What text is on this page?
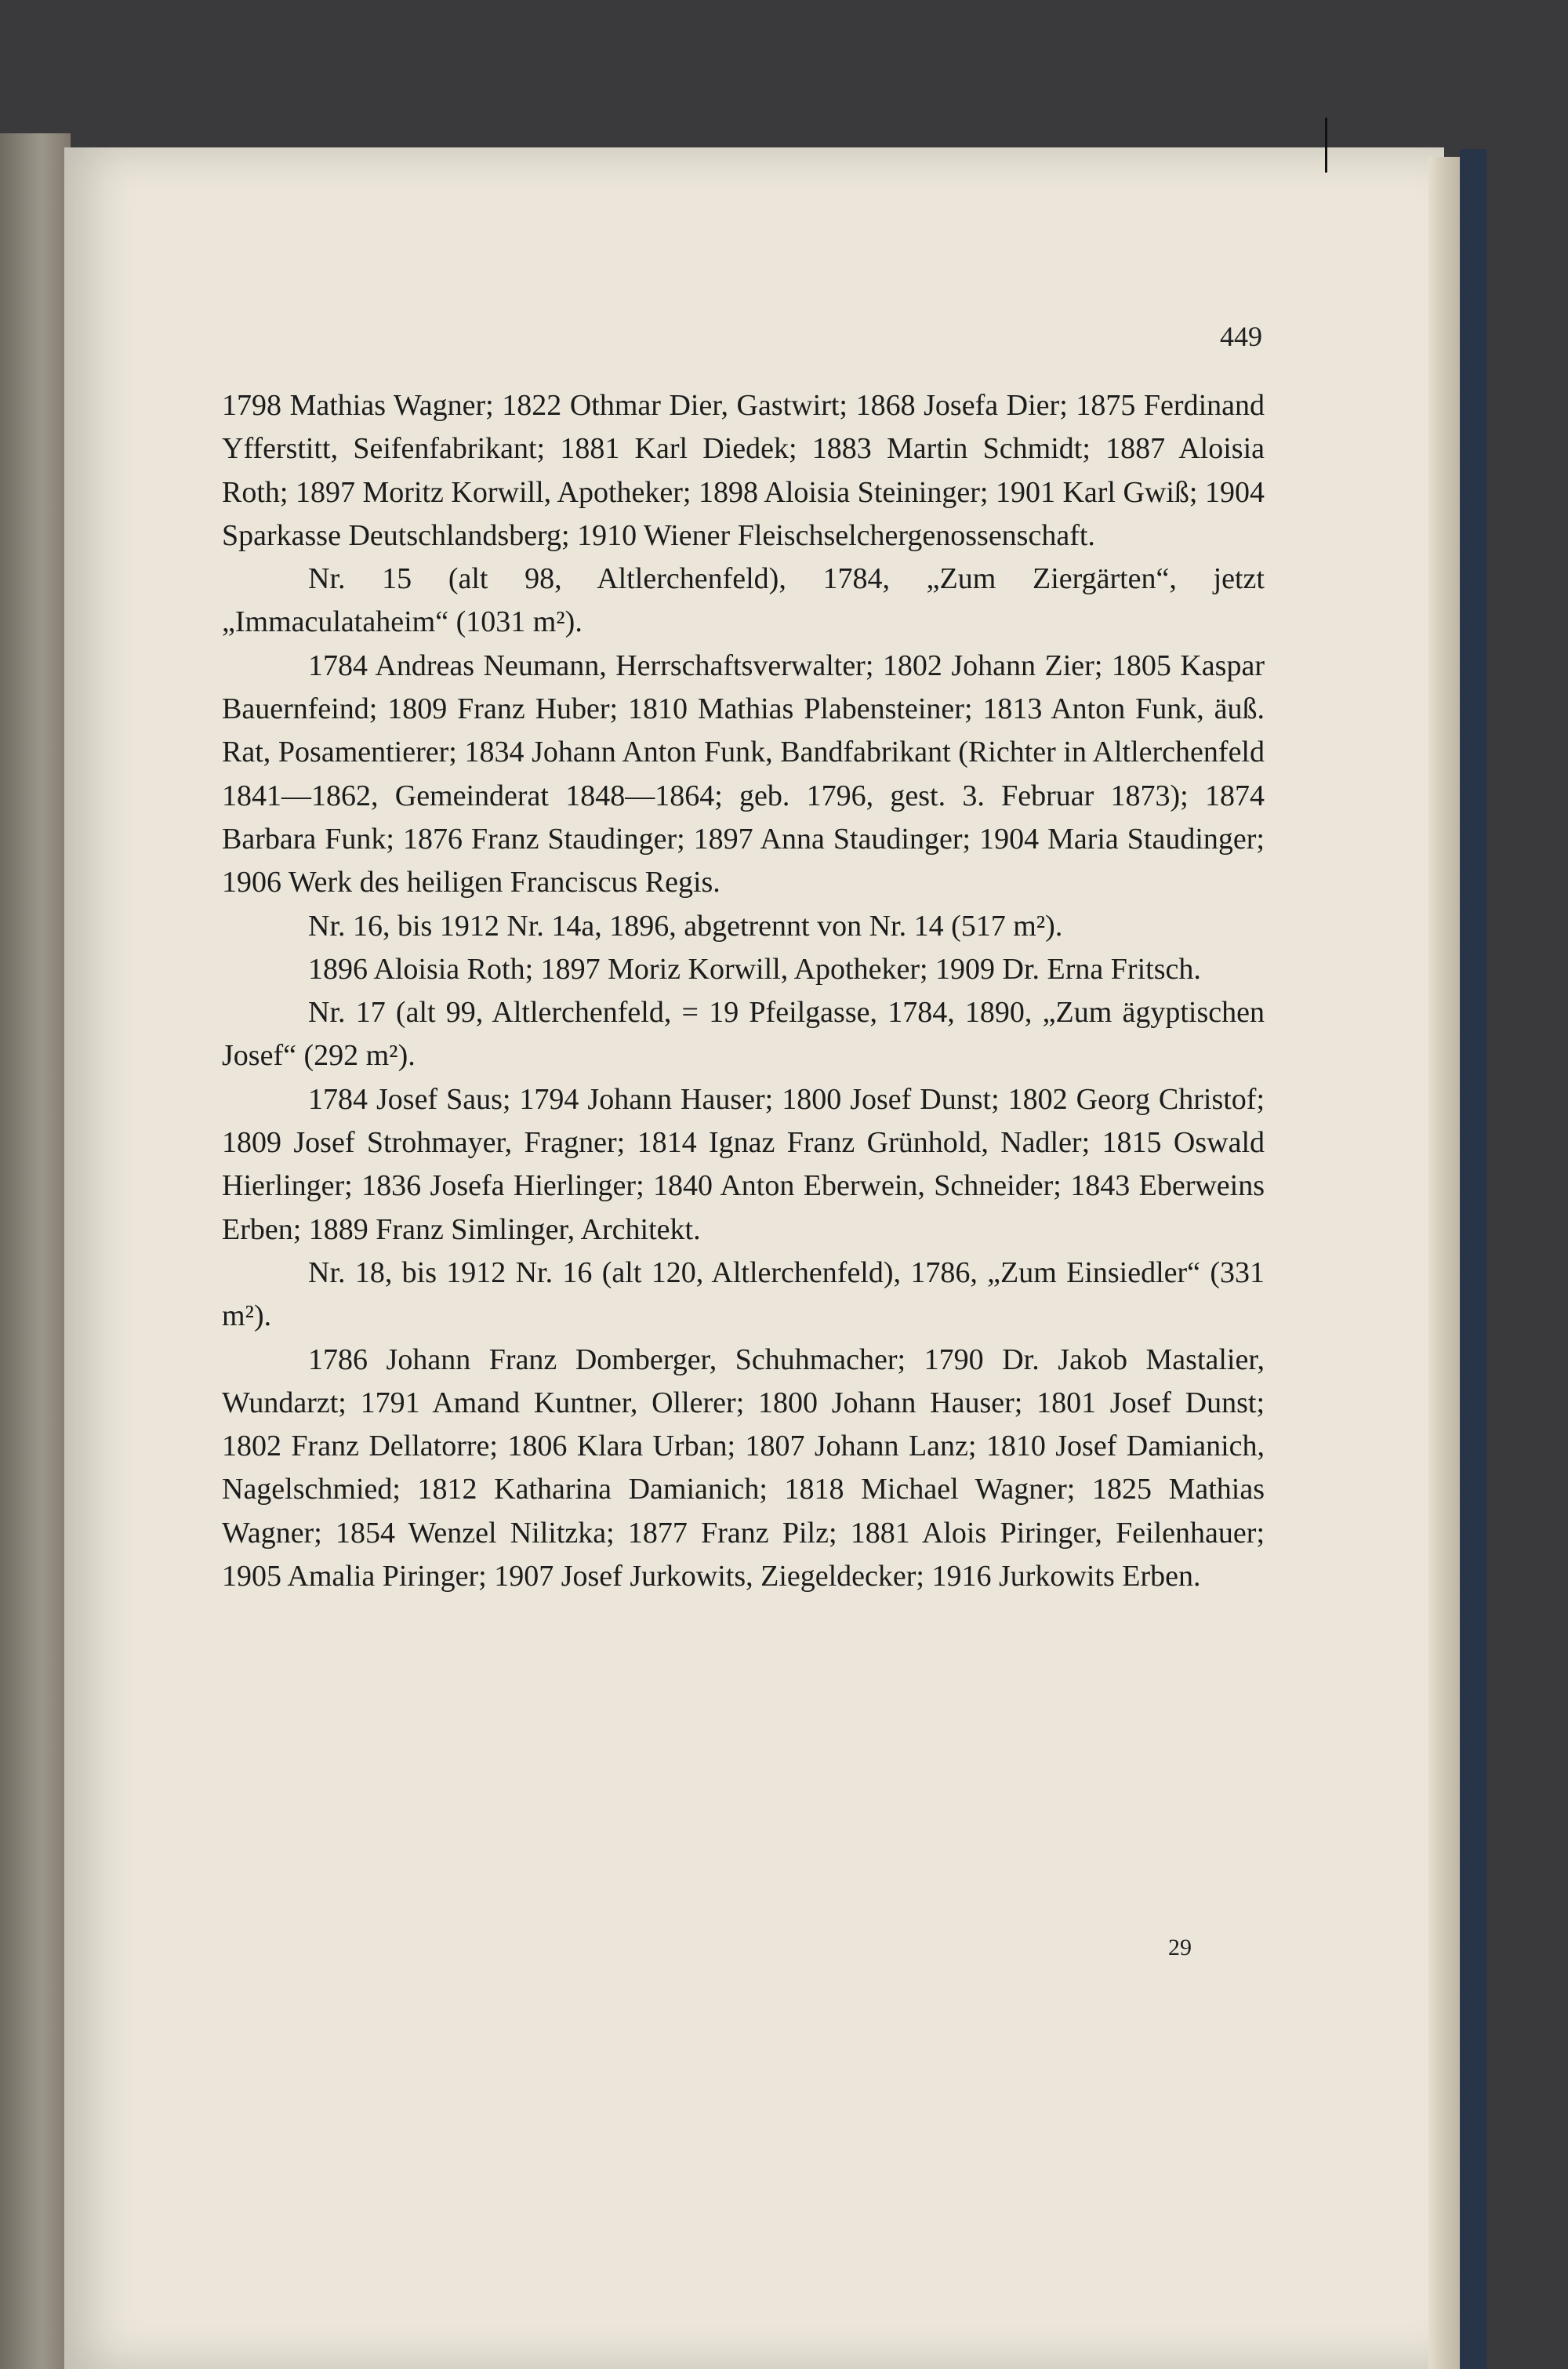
449

1798 Mathias Wagner; 1822 Othmar Dier, Gastwirt; 1868 Josefa Dier; 1875 Ferdinand Yfferstitt, Seifenfabrikant; 1881 Karl Diedek; 1883 Martin Schmidt; 1887 Aloisia Roth; 1897 Moritz Korwill, Apotheker; 1898 Aloisia Steininger; 1901 Karl Gwiß; 1904 Sparkasse Deutschlandsberg; 1910 Wiener Fleischselchergenossenschaft.

Nr. 15 (alt 98, Altlerchenfeld), 1784, „Zum Ziergärten“, jetzt „Immaculataheim“ (1031 m²).

1784 Andreas Neumann, Herrschaftsverwalter; 1802 Johann Zier; 1805 Kaspar Bauernfeind; 1809 Franz Huber; 1810 Mathias Plabensteiner; 1813 Anton Funk, äuß. Rat, Posamentierer; 1834 Johann Anton Funk, Bandfabrikant (Richter in Altlerchenfeld 1841—1862, Gemeinderat 1848—1864; geb. 1796, gest. 3. Februar 1873); 1874 Barbara Funk; 1876 Franz Staudinger; 1897 Anna Staudinger; 1904 Maria Staudinger; 1906 Werk des heiligen Franciscus Regis.

Nr. 16, bis 1912 Nr. 14a, 1896, abgetrennt von Nr. 14 (517 m²).

1896 Aloisia Roth; 1897 Moriz Korwill, Apotheker; 1909 Dr. Erna Fritsch.

Nr. 17 (alt 99, Altlerchenfeld, = 19 Pfeilgasse, 1784, 1890, „Zum ägyptischen Josef“ (292 m²).

1784 Josef Saus; 1794 Johann Hauser; 1800 Josef Dunst; 1802 Georg Christof; 1809 Josef Strohmayer, Fragner; 1814 Ignaz Franz Grünhold, Nadler; 1815 Oswald Hierlinger; 1836 Josefa Hierlinger; 1840 Anton Eberwein, Schneider; 1843 Eberweins Erben; 1889 Franz Simlinger, Architekt.

Nr. 18, bis 1912 Nr. 16 (alt 120, Altlerchenfeld), 1786, „Zum Einsiedler“ (331 m²).

1786 Johann Franz Domberger, Schuhmacher; 1790 Dr. Jakob Mastalier, Wundarzt; 1791 Amand Kuntner, Ollerer; 1800 Johann Hauser; 1801 Josef Dunst; 1802 Franz Dellatorre; 1806 Klara Urban; 1807 Johann Lanz; 1810 Josef Damianich, Nagelschmied; 1812 Katharina Damianich; 1818 Michael Wagner; 1825 Mathias Wagner; 1854 Wenzel Nilitzka; 1877 Franz Pilz; 1881 Alois Piringer, Feilenhauer; 1905 Amalia Piringer; 1907 Josef Jurkowits, Ziegeldecker; 1916 Jurkowits Erben.

29
